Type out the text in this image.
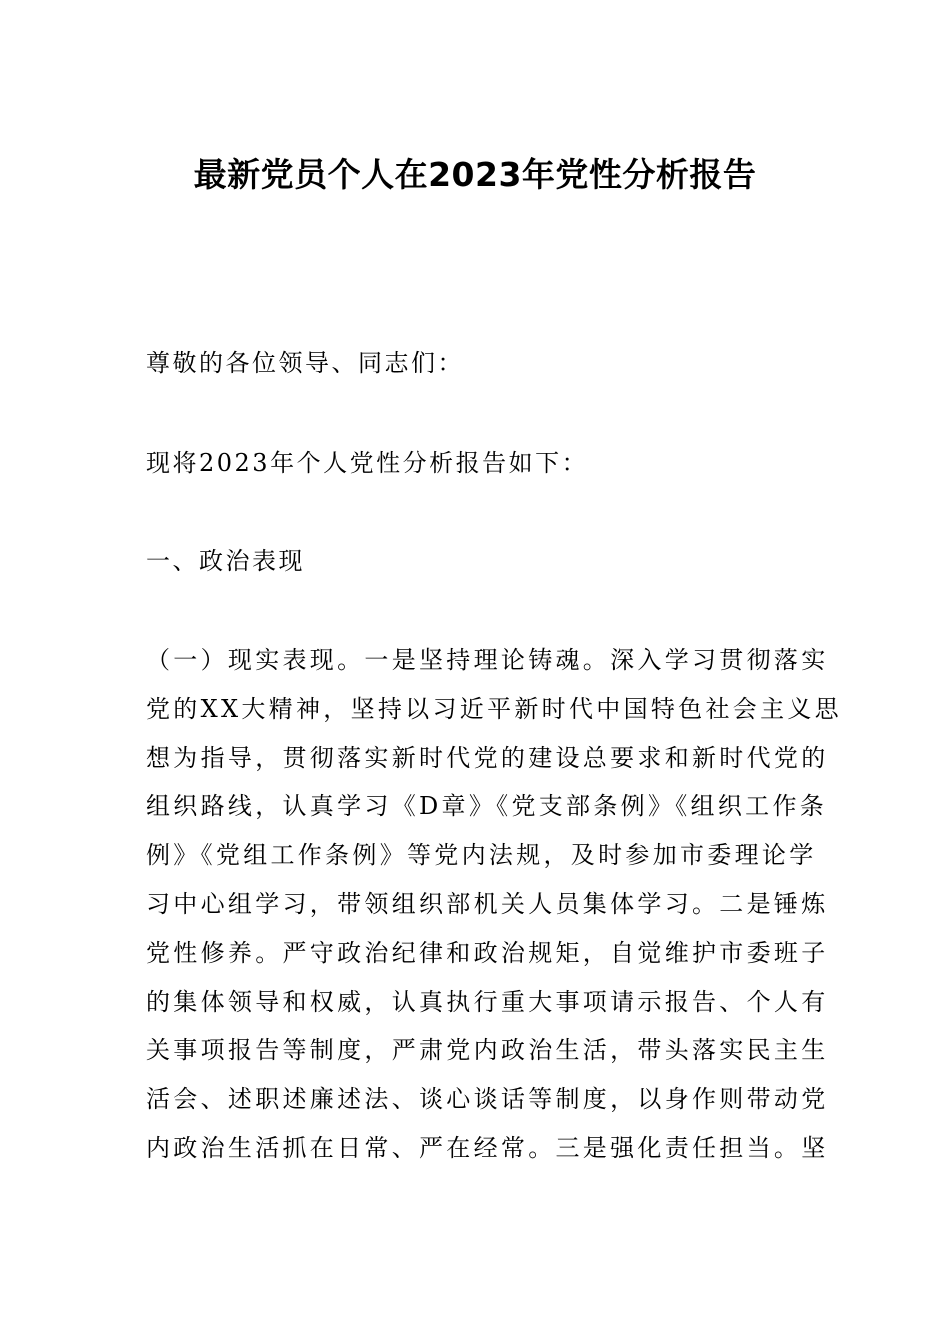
最新党员个人在2023年党性分析报告

尊敬的各位领导、同志们：

现将2023年个人党性分析报告如下：

一、政治表现

（一）现实表现。一是坚持理论铸魂。深入学习贯彻落实
党的XX大精神，坚持以习近平新时代中国特色社会主义思
想为指导，贯彻落实新时代党的建设总要求和新时代党的
组织路线，认真学习《D章》《党支部条例》《组织工作条
例》《党组工作条例》等党内法规，及时参加市委理论学
习中心组学习，带领组织部机关人员集体学习。二是锤炼
党性修养。严守政治纪律和政治规矩，自觉维护市委班子
的集体领导和权威，认真执行重大事项请示报告、个人有
关事项报告等制度，严肃党内政治生活，带头落实民主生
活会、述职述廉述法、谈心谈话等制度，以身作则带动党
内政治生活抓在日常、严在经常。三是强化责任担当。坚
